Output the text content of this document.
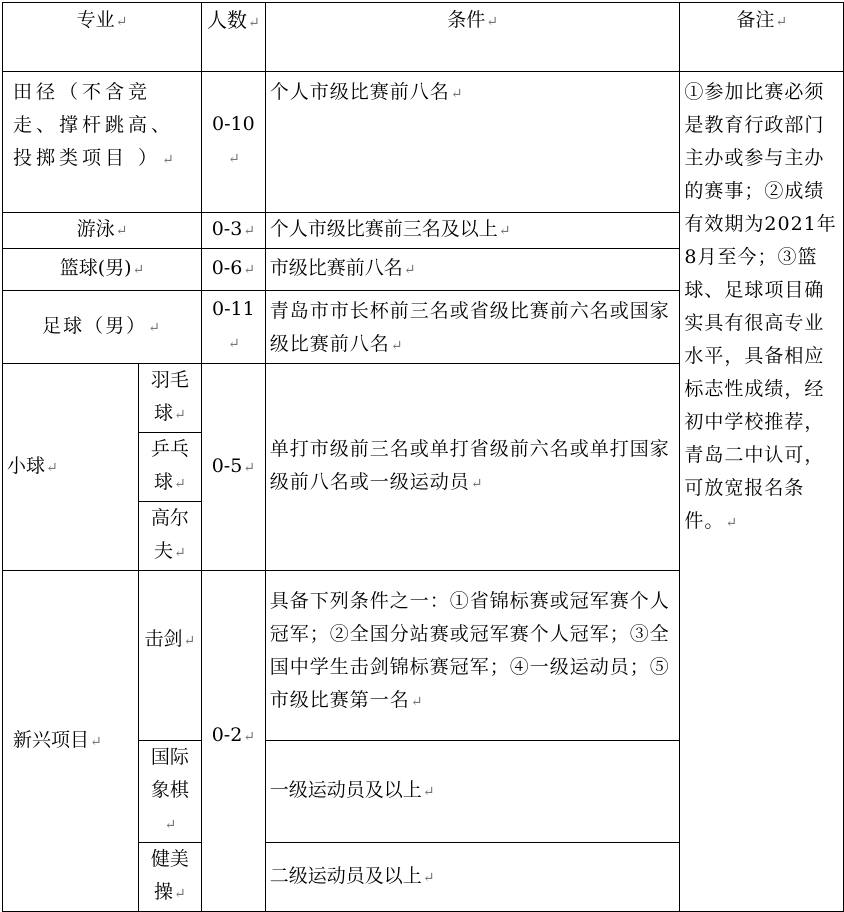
专业↵		人数↵	条件↵	备注↵
田径（不含竞走、撑杆跳高、投掷类项目 ）↵		0-10↵	个人市级比赛前八名↵	①参加比赛必须是教育行政部门主办或参与主办的赛事；②成绩有效期为2021年8月至今；③篮球、足球项目确实具有很高专业水平，具备相应标志性成绩，经初中学校推荐，青岛二中认可，可放宽报名条件。↵
游泳↵		0-3↵	个人市级比赛前三名及以上↵	
篮球(男)↵		0-6↵	市级比赛前八名↵	
足球（男）↵		0-11↵	青岛市市长杯前三名或省级比赛前六名或国家级比赛前八名↵	
小球↵	羽毛球↵	0-5↵	单打市级前三名或单打省级前六名或单打国家级前八名或一级运动员↵	
	乒乓球↵			
	高尔夫↵			
新兴项目↵	击剑↵	0-2↵	具备下列条件之一：①省锦标赛或冠军赛个人冠军；②全国分站赛或冠军赛个人冠军；③全国中学生击剑锦标赛冠军；④一级运动员；⑤市级比赛第一名↵	
	国际象棋↵		一级运动员及以上↵	
	健美操↵		二级运动员及以上↵	
